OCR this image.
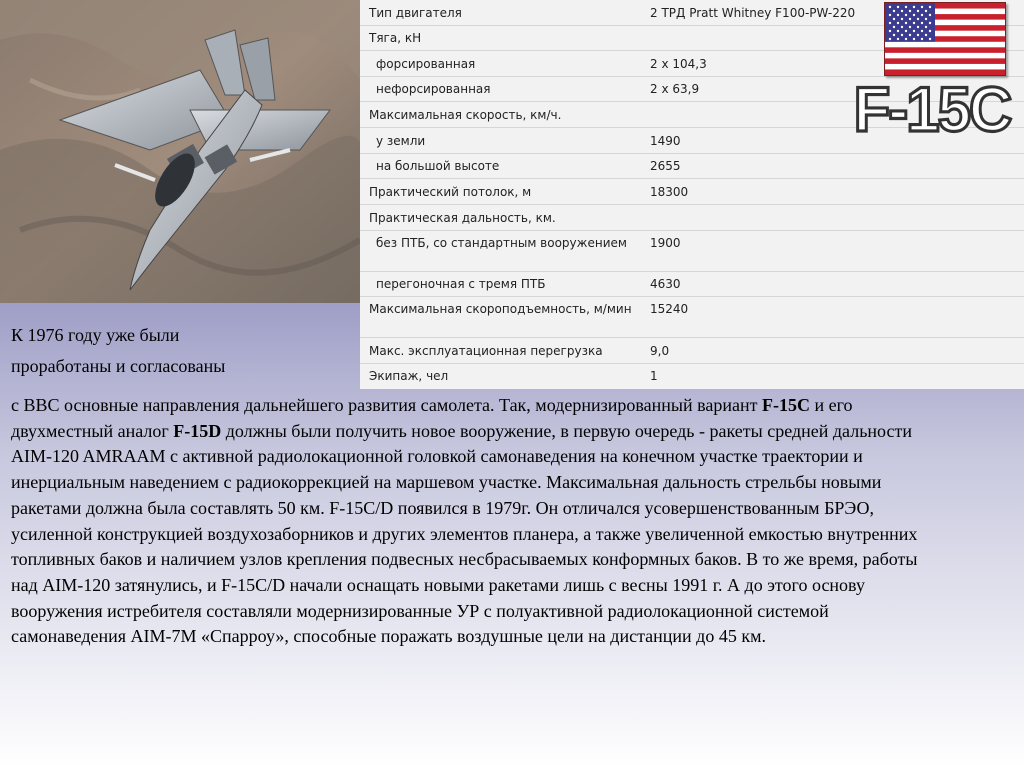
Тип двигателя	2 ТРД Pratt Whitney F100-PW-220
Тяга, кН
форсированная	2 х 104,3
нефорсированная	2 х 63,9
Максимальная скорость, км/ч.
у земли	1490
на большой высоте	2655
Практический потолок, м	18300
Практическая дальность, км.
без ПТБ, со стандартным вооружением	1900
перегоночная с тремя ПТБ	4630
Максимальная скороподъемность, м/мин	15240
Макс. эксплуатационная перегрузка	9,0
Экипаж, чел	1
F-15C
К 1976 году уже были
проработаны и согласованы
с ВВС основные направления дальнейшего развития самолета. Так, модернизированный вариант F-15C и его двухместный аналог F-15D должны были получить новое вооружение, в первую очередь - ракеты средней дальности AIM-120 AMRAAM с активной радиолокационной головкой самонаведения на конечном участке траектории и инерциальным наведением с радиокоррекцией на маршевом участке. Максимальная дальность стрельбы новыми ракетами должна была составлять 50 км. F-15C/D появился в 1979г. Он отличался усовершенствованным БРЭО, усиленной конструкцией воздухозаборников и других элементов планера, а также увеличенной емкостью внутренних топливных баков и наличием узлов крепления подвесных несбрасываемых конформных баков. В то же время, работы над AIM-120 затянулись, и F-15C/D начали оснащать новыми ракетами лишь с весны 1991 г. А до этого основу вооружения истребителя составляли модернизированные УР с полуактивной радиолокационной системой самонаведения AIM-7M «Спарроу», способные поражать воздушные цели на дистанции до 45 км.
